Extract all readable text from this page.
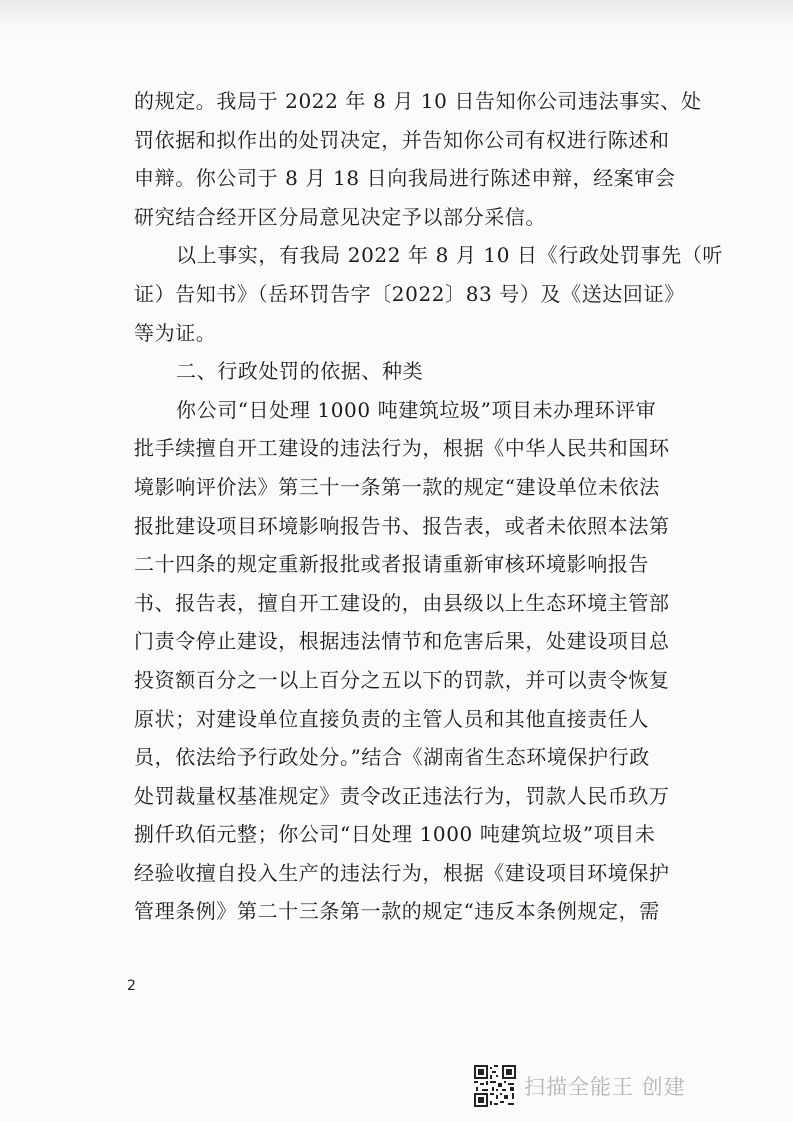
的规定。我局于 2022 年 8 月 10 日告知你公司违法事实、处
罚依据和拟作出的处罚决定，并告知你公司有权进行陈述和
申辩。你公司于 8 月 18 日向我局进行陈述申辩，经案审会
研究结合经开区分局意见决定予以部分采信。
以上事实，有我局 2022 年 8 月 10 日《行政处罚事先（听
证）告知书》（岳环罚告字〔2022〕83 号）及《送达回证》
等为证。
二、行政处罚的依据、种类
你公司“日处理 1000 吨建筑垃圾”项目未办理环评审
批手续擅自开工建设的违法行为，根据《中华人民共和国环
境影响评价法》第三十一条第一款的规定“建设单位未依法
报批建设项目环境影响报告书、报告表，或者未依照本法第
二十四条的规定重新报批或者报请重新审核环境影响报告
书、报告表，擅自开工建设的，由县级以上生态环境主管部
门责令停止建设，根据违法情节和危害后果，处建设项目总
投资额百分之一以上百分之五以下的罚款，并可以责令恢复
原状；对建设单位直接负责的主管人员和其他直接责任人
员，依法给予行政处分。”结合《湖南省生态环境保护行政
处罚裁量权基准规定》责令改正违法行为，罚款人民币玖万
捌仟玖佰元整；你公司“日处理 1000 吨建筑垃圾”项目未
经验收擅自投入生产的违法行为，根据《建设项目环境保护
管理条例》第二十三条第一款的规定“违反本条例规定，需
2
扫描全能王 创建
